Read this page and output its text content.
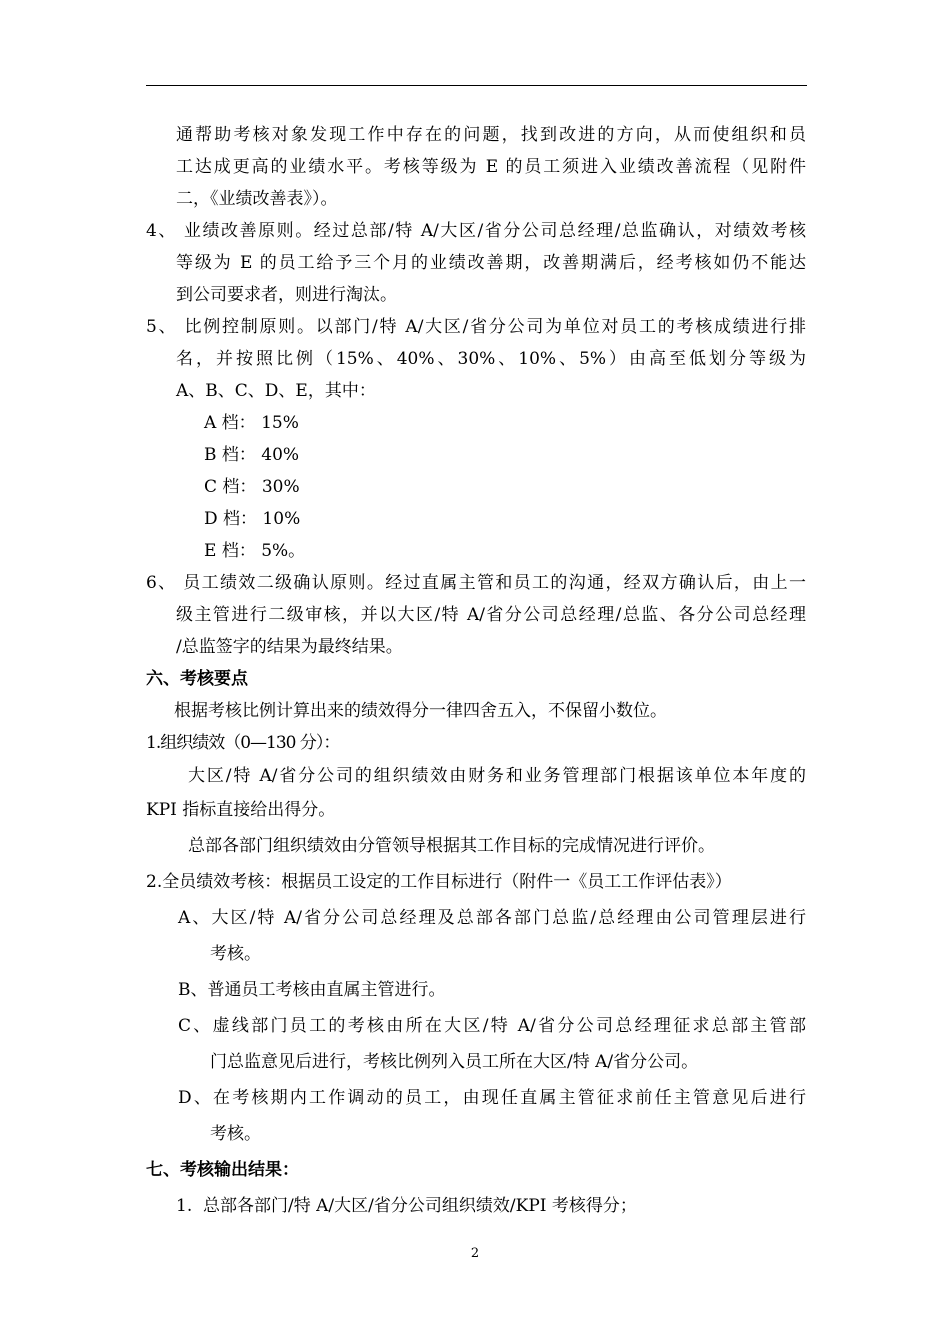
通帮助考核对象发现工作中存在的问题，找到改进的方向，从而使组织和员
工达成更高的业绩水平。考核等级为 E 的员工须进入业绩改善流程（见附件
二，《业绩改善表》）。
4、 业绩改善原则。经过总部/特 A/大区/省分公司总经理/总监确认，对绩效考核
等级为 E 的员工给予三个月的业绩改善期，改善期满后，经考核如仍不能达
到公司要求者，则进行淘汰。
5、 比例控制原则。以部门/特 A/大区/省分公司为单位对员工的考核成绩进行排
名，并按照比例（15%、40%、30%、10%、5%）由高至低划分等级为
A、B、C、D、E，其中：
A 档： 15%
B 档： 40%
C 档： 30%
D 档： 10%
E 档： 5%。
6、 员工绩效二级确认原则。经过直属主管和员工的沟通，经双方确认后，由上一
级主管进行二级审核，并以大区/特 A/省分公司总经理/总监、各分公司总经理
/总监签字的结果为最终结果。
六、考核要点
根据考核比例计算出来的绩效得分一律四舍五入，不保留小数位。
1.组织绩效（0—130 分）：
大区/特 A/省分公司的组织绩效由财务和业务管理部门根据该单位本年度的
KPI 指标直接给出得分。
总部各部门组织绩效由分管领导根据其工作目标的完成情况进行评价。
2.全员绩效考核：根据员工设定的工作目标进行（附件一《员工工作评估表》）
A、大区/特 A/省分公司总经理及总部各部门总监/总经理由公司管理层进行
考核。
B、普通员工考核由直属主管进行。
C、虚线部门员工的考核由所在大区/特 A/省分公司总经理征求总部主管部
门总监意见后进行，考核比例列入员工所在大区/特 A/省分公司。
D、在考核期内工作调动的员工，由现任直属主管征求前任主管意见后进行
考核。
七、考核输出结果：
1.  总部各部门/特 A/大区/省分公司组织绩效/KPI 考核得分；
2
